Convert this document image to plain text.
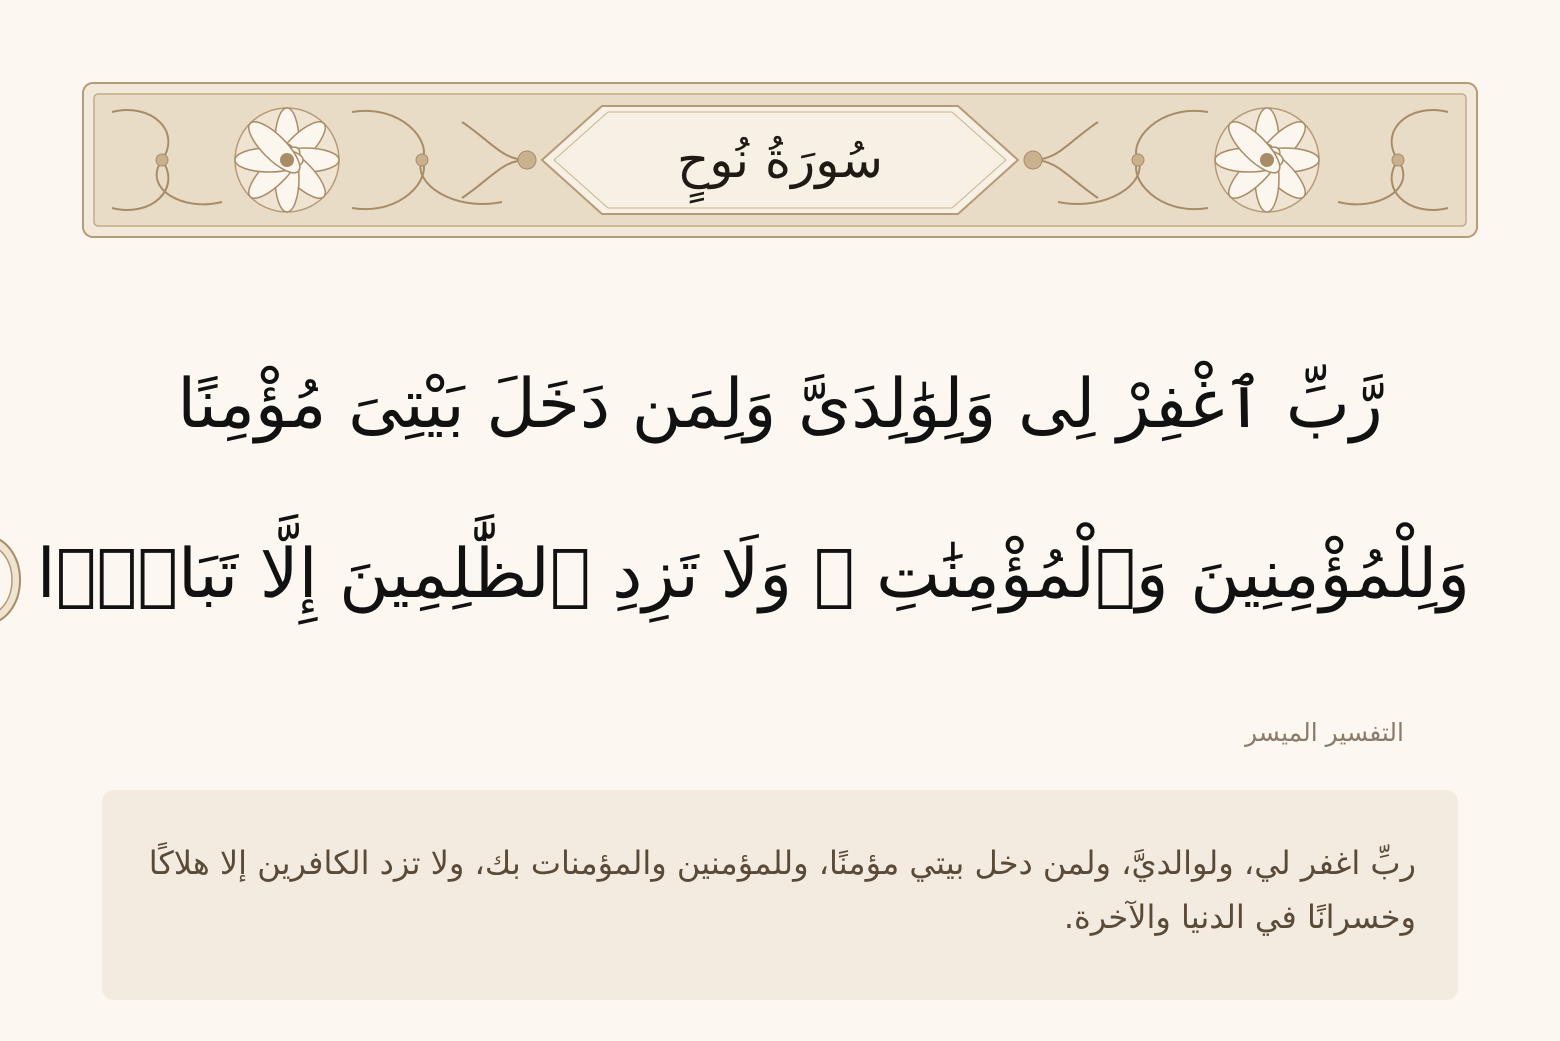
سُورَةُ نُوحٍ
رَّبِّ ٱغْفِرْ لِى وَلِوَٰلِدَىَّ وَلِمَن دَخَلَ بَيْتِىَ مُؤْمِنًا
وَلِلْمُؤْمِنِينَ وَٱلْمُؤْمِنَٰتِ ۖ وَلَا تَزِدِ ٱلظَّٰلِمِينَ إِلَّا تَبَارًۢا
التفسير الميسر
ربِّ اغفر لي، ولوالديَّ، ولمن دخل بيتي مؤمنًا، وللمؤمنين والمؤمنات بك، ولا تزد الكافرين إلا هلاكًا وخسرانًا في الدنيا والآخرة.
